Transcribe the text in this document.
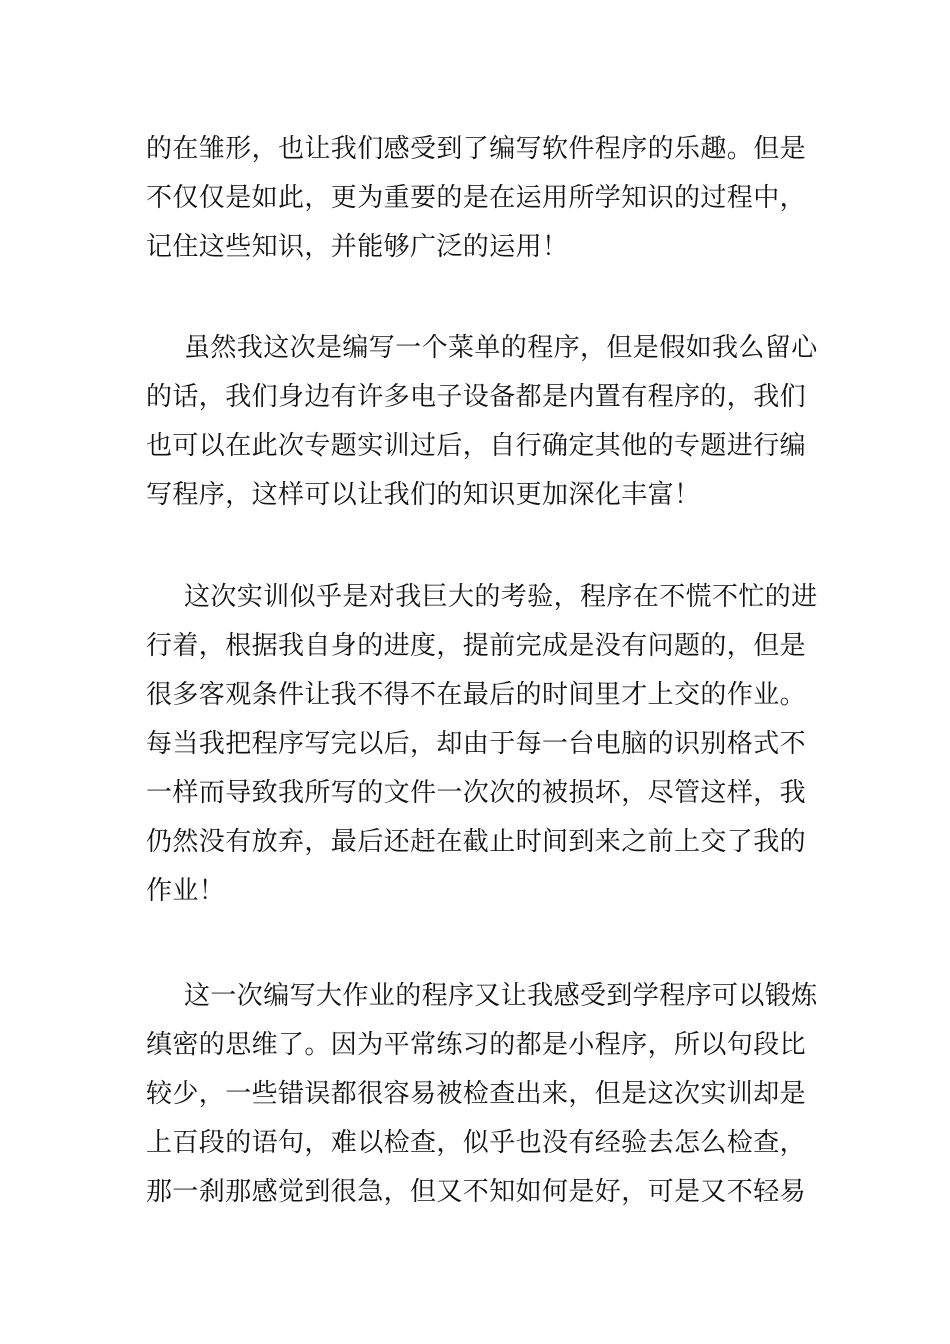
的在雏形，也让我们感受到了编写软件程序的乐趣。但是
不仅仅是如此，更为重要的是在运用所学知识的过程中，
记住这些知识，并能够广泛的运用！
虽然我这次是编写一个菜单的程序，但是假如我么留心
的话，我们身边有许多电子设备都是内置有程序的，我们
也可以在此次专题实训过后，自行确定其他的专题进行编
写程序，这样可以让我们的知识更加深化丰富！
这次实训似乎是对我巨大的考验，程序在不慌不忙的进
行着，根据我自身的进度，提前完成是没有问题的，但是
很多客观条件让我不得不在最后的时间里才上交的作业。
每当我把程序写完以后，却由于每一台电脑的识别格式不
一样而导致我所写的文件一次次的被损坏，尽管这样，我
仍然没有放弃，最后还赶在截止时间到来之前上交了我的
作业！
这一次编写大作业的程序又让我感受到学程序可以锻炼
缜密的思维了。因为平常练习的都是小程序，所以句段比
较少，一些错误都很容易被检查出来，但是这次实训却是
上百段的语句，难以检查，似乎也没有经验去怎么检查，
那一刹那感觉到很急，但又不知如何是好，可是又不轻易
